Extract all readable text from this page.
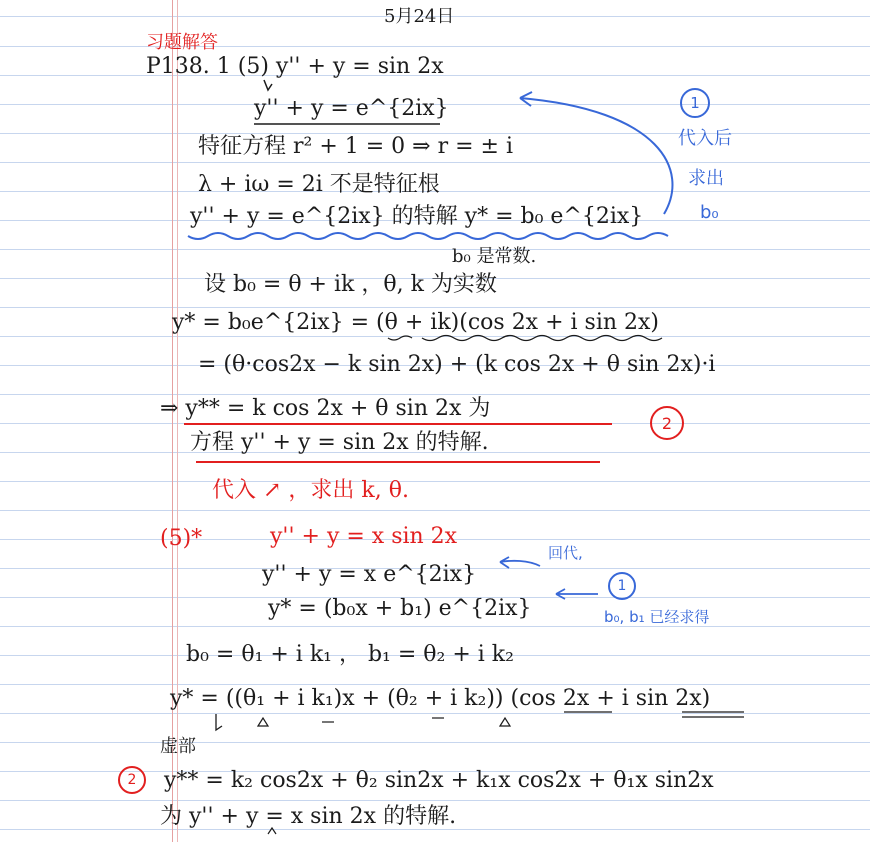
5月24日
习题解答
P138. 1 (5) y'' + y = sin 2x
y'' + y = e^{2ix}
特征方程 r² + 1 = 0 ⇒ r = ± i
λ + iω = 2i 不是特征根
y'' + y = e^{2ix} 的特解 y* = b₀ e^{2ix}
b₀ 是常数.
设 b₀ = θ + ik ，θ, k 为实数
y* = b₀e^{2ix} = (θ + ik)(cos 2x + i sin 2x)
= (θ·cos2x − k sin 2x) + (k cos 2x + θ sin 2x)·i
⇒ y** = k cos 2x + θ sin 2x 为
方程 y'' + y = sin 2x 的特解.
代入 ↗ ，求出 k, θ.
1
代入后
求出
b₀
2
(5)*	y'' + y = x sin 2x
y'' + y = x e^{2ix}
y* = (b₀x + b₁) e^{2ix}
回代,
1
b₀, b₁ 已经求得
b₀ = θ₁ + i k₁ ， b₁ = θ₂ + i k₂
y* = ((θ₁ + i k₁)x + (θ₂ + i k₂)) (cos 2x + i sin 2x)
虚部
2	y** = k₂ cos2x + θ₂ sin2x + k₁x cos2x + θ₁x sin2x
为 y'' + y = x sin 2x 的特解.
